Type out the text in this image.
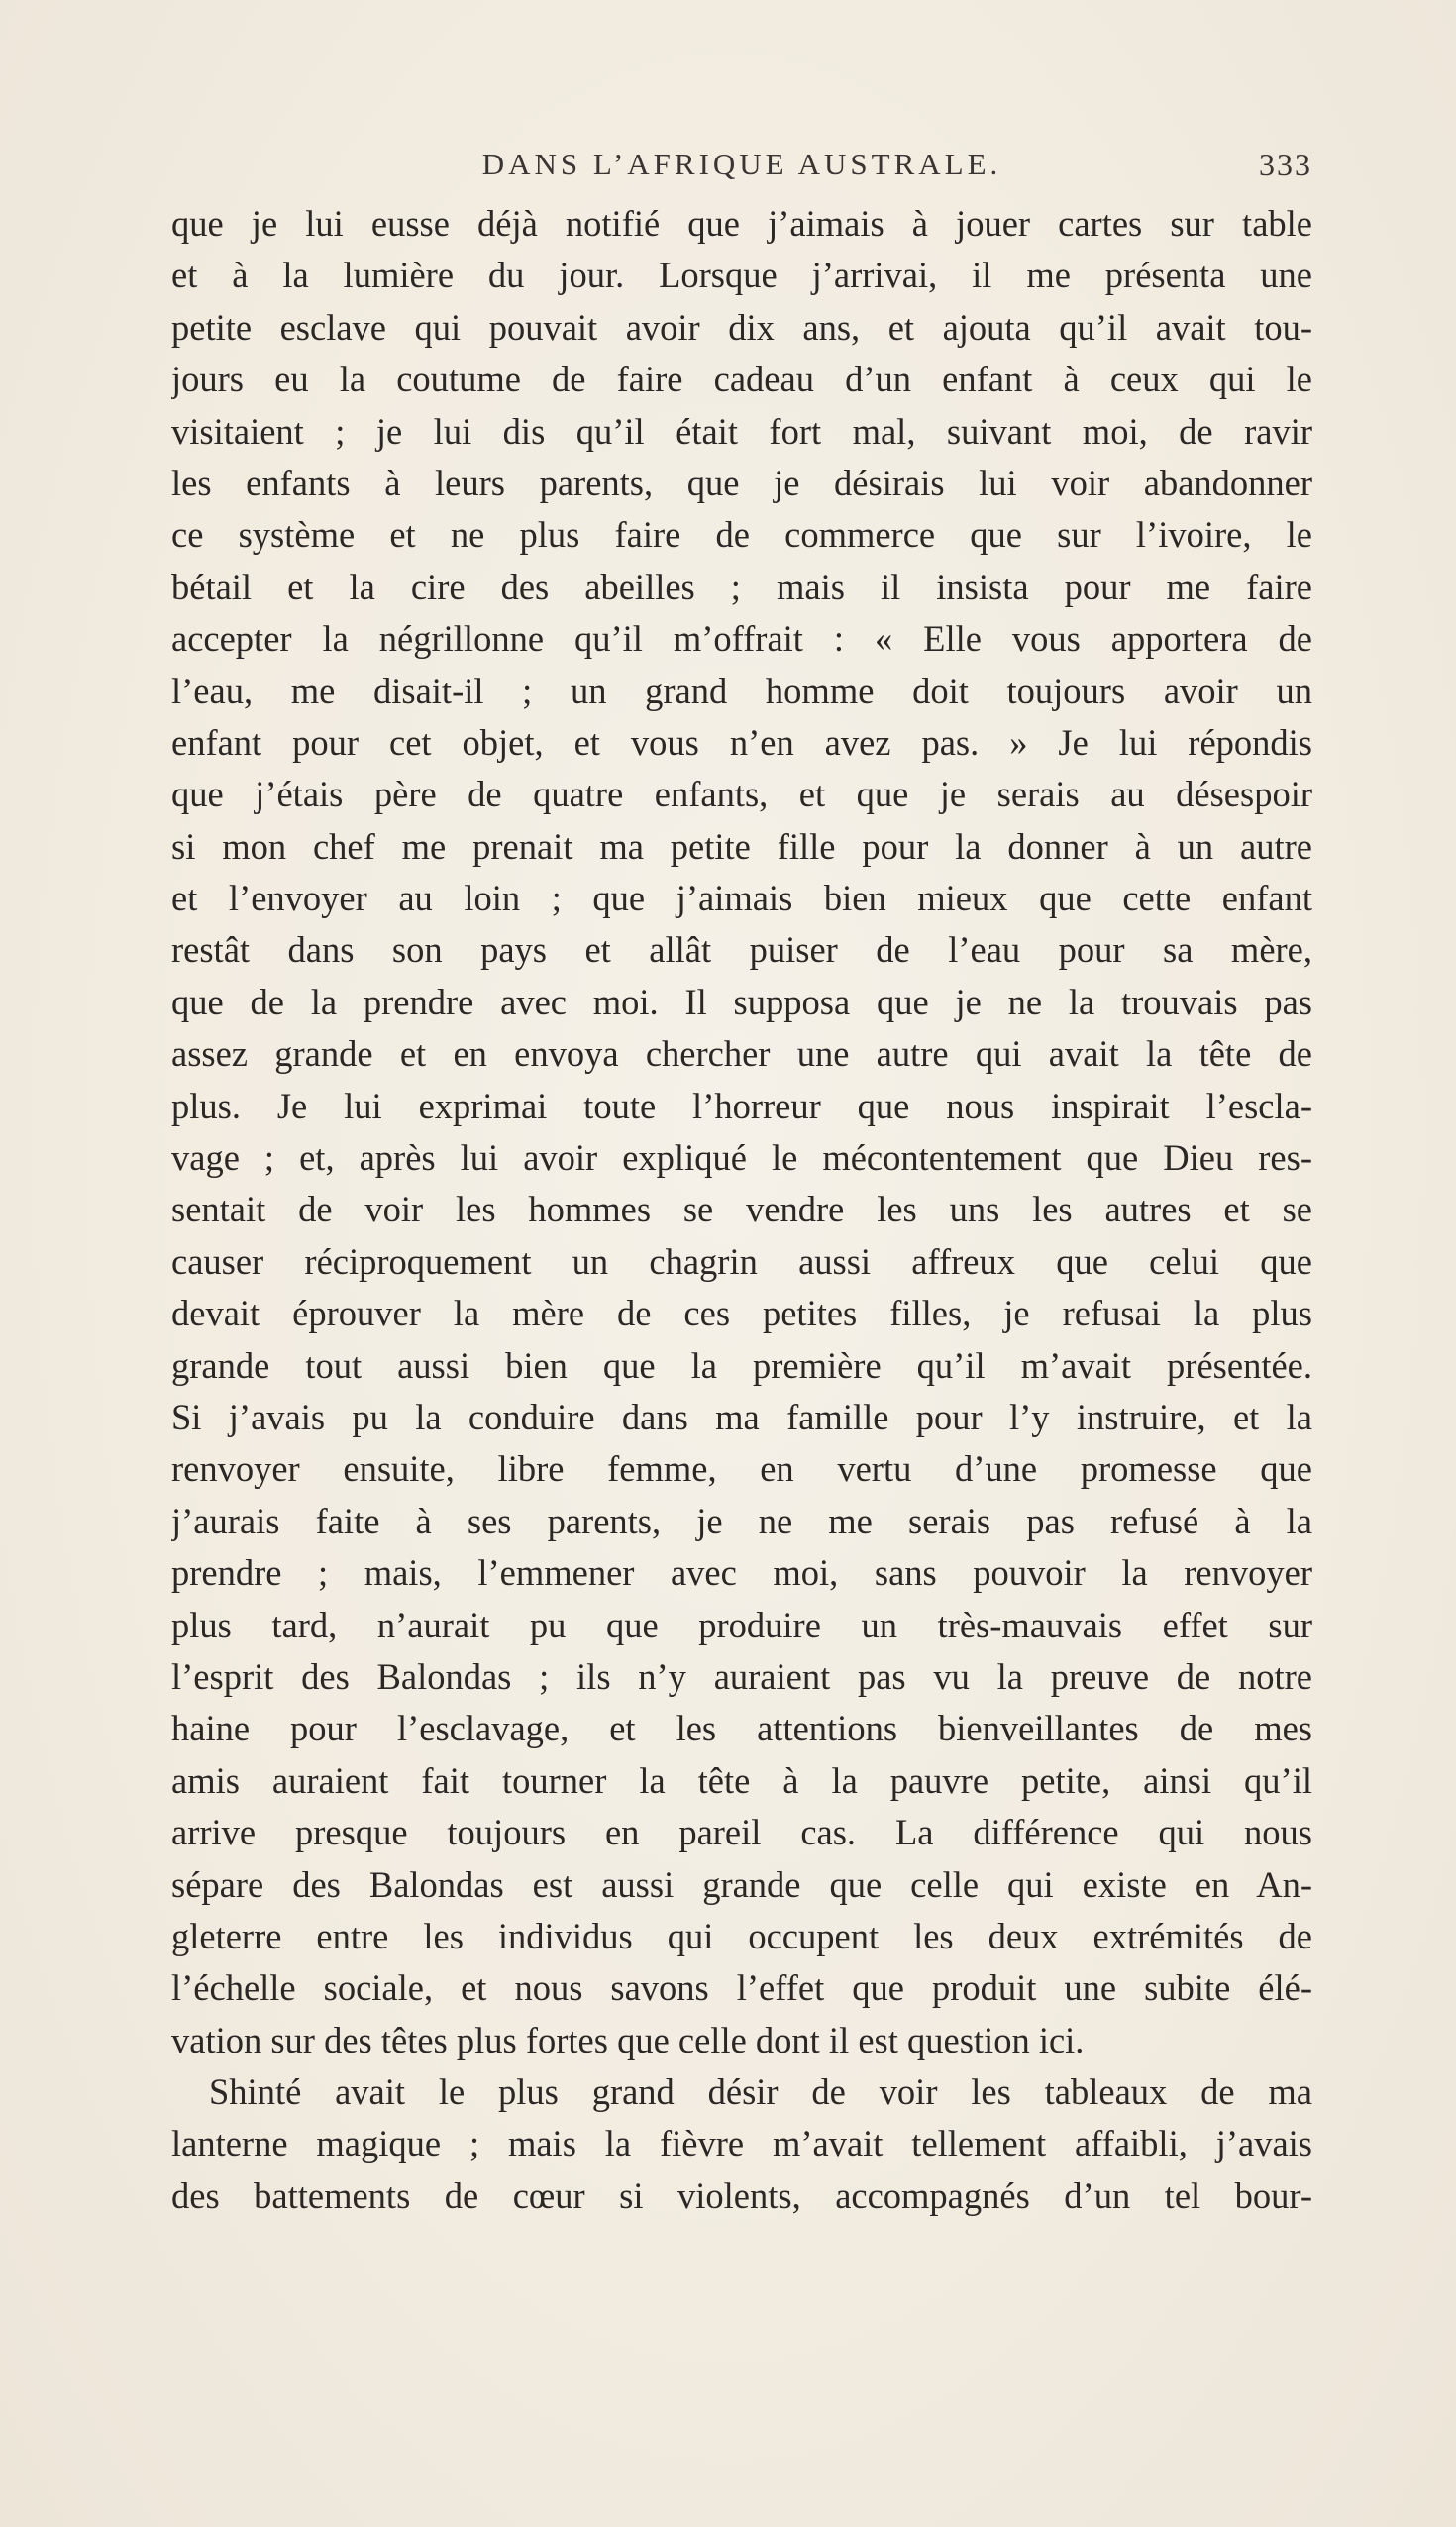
DANS L’AFRIQUE AUSTRALE.	333
que je lui eusse déjà notifié que j’aimais à jouer cartes sur table
et à la lumière du jour. Lorsque j’arrivai, il me présenta une
petite esclave qui pouvait avoir dix ans, et ajouta qu’il avait tou-
jours eu la coutume de faire cadeau d’un enfant à ceux qui le
visitaient ; je lui dis qu’il était fort mal, suivant moi, de ravir
les enfants à leurs parents, que je désirais lui voir abandonner
ce système et ne plus faire de commerce que sur l’ivoire, le
bétail et la cire des abeilles ; mais il insista pour me faire
accepter la négrillonne qu’il m’offrait : « Elle vous apportera de
l’eau, me disait-il ; un grand homme doit toujours avoir un
enfant pour cet objet, et vous n’en avez pas. » Je lui répondis
que j’étais père de quatre enfants, et que je serais au désespoir
si mon chef me prenait ma petite fille pour la donner à un autre
et l’envoyer au loin ; que j’aimais bien mieux que cette enfant
restât dans son pays et allât puiser de l’eau pour sa mère,
que de la prendre avec moi. Il supposa que je ne la trouvais pas
assez grande et en envoya chercher une autre qui avait la tête de
plus. Je lui exprimai toute l’horreur que nous inspirait l’escla-
vage ; et, après lui avoir expliqué le mécontentement que Dieu res-
sentait de voir les hommes se vendre les uns les autres et se
causer réciproquement un chagrin aussi affreux que celui que
devait éprouver la mère de ces petites filles, je refusai la plus
grande tout aussi bien que la première qu’il m’avait présentée.
Si j’avais pu la conduire dans ma famille pour l’y instruire, et la
renvoyer ensuite, libre femme, en vertu d’une promesse que
j’aurais faite à ses parents, je ne me serais pas refusé à la
prendre ; mais, l’emmener avec moi, sans pouvoir la renvoyer
plus tard, n’aurait pu que produire un très-mauvais effet sur
l’esprit des Balondas ; ils n’y auraient pas vu la preuve de notre
haine pour l’esclavage, et les attentions bienveillantes de mes
amis auraient fait tourner la tête à la pauvre petite, ainsi qu’il
arrive presque toujours en pareil cas. La différence qui nous
sépare des Balondas est aussi grande que celle qui existe en An-
gleterre entre les individus qui occupent les deux extrémités de
l’échelle sociale, et nous savons l’effet que produit une subite élé-
vation sur des têtes plus fortes que celle dont il est question ici.
Shinté avait le plus grand désir de voir les tableaux de ma
lanterne magique ; mais la fièvre m’avait tellement affaibli, j’avais
des battements de cœur si violents, accompagnés d’un tel bour-
